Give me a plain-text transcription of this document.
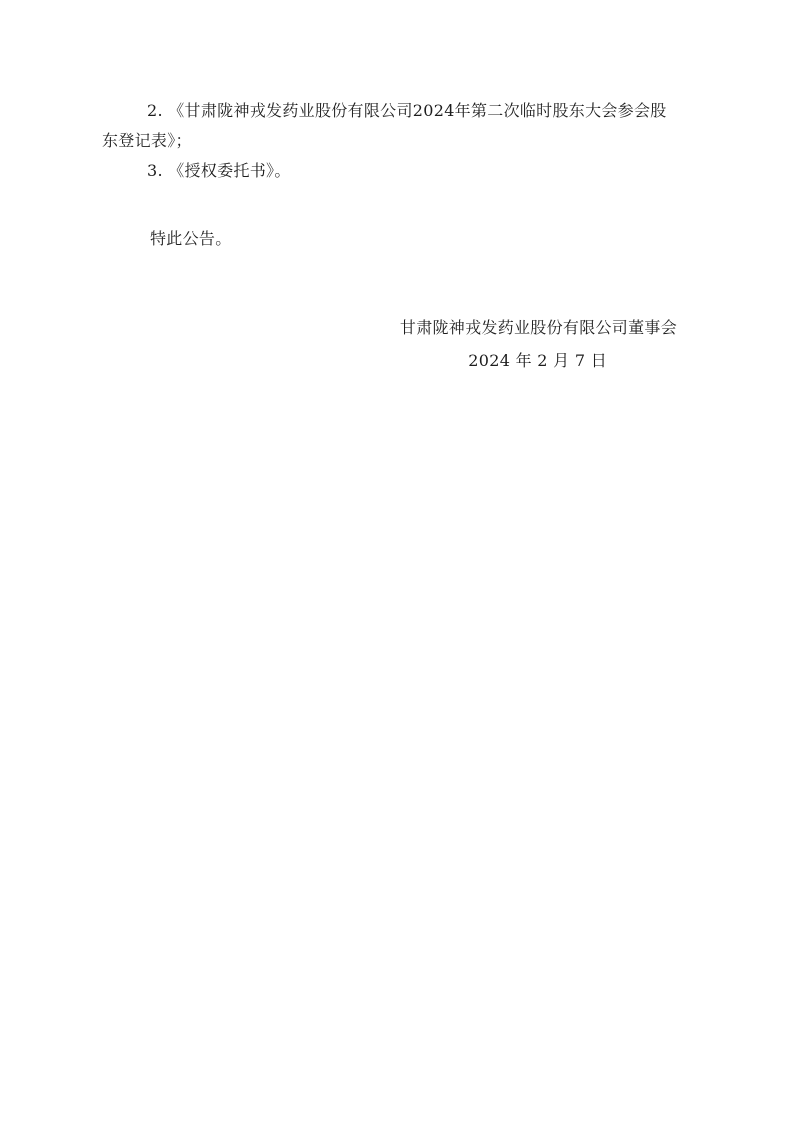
2. 《甘肃陇神戎发药业股份有限公司2024年第二次临时股东大会参会股
东登记表》；
3. 《授权委托书》。
特此公告。
甘肃陇神戎发药业股份有限公司董事会
2024 年 2 月 7 日
